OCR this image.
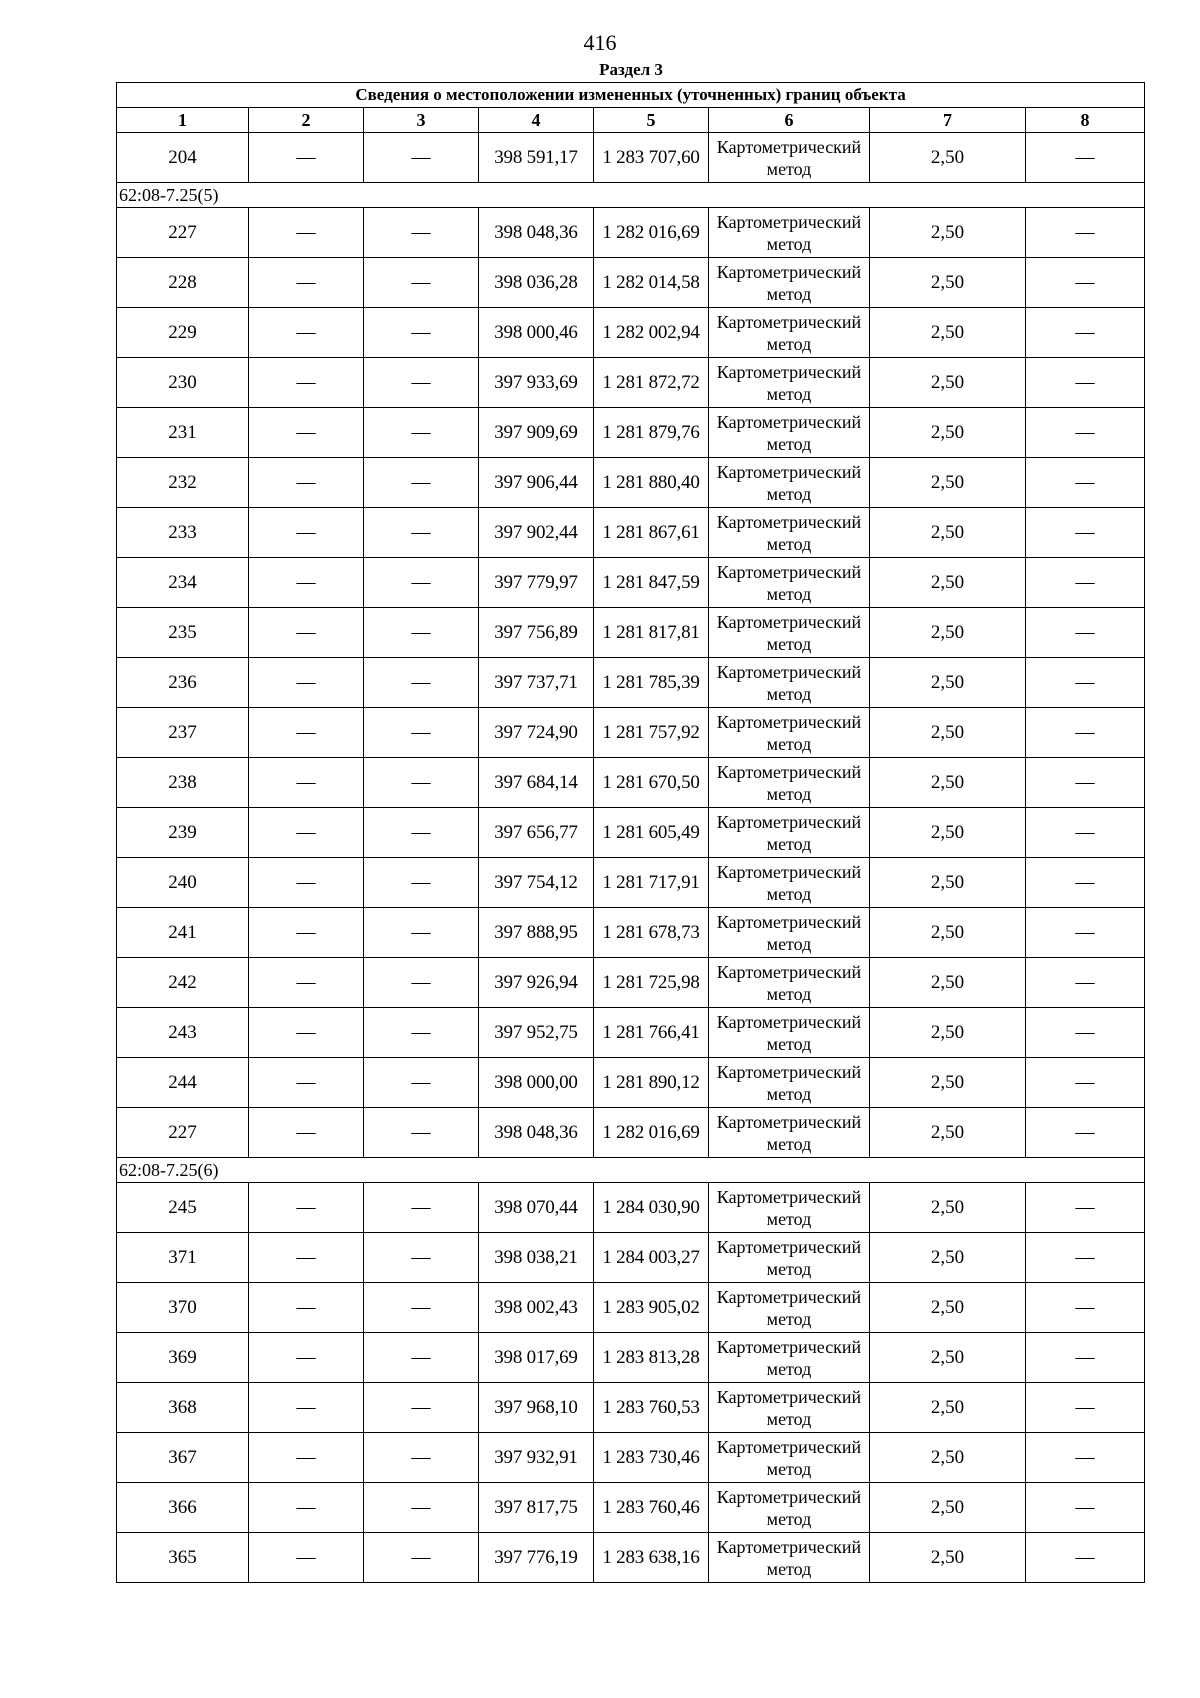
416
Раздел 3
Сведения о местоположении измененных (уточненных) границ объекта							
1	2	3	4	5	6	7	8
204	—	—	398 591,17	1 283 707,60	Картометрический метод	2,50	—
62:08-7.25(5)							
227	—	—	398 048,36	1 282 016,69	Картометрический метод	2,50	—
228	—	—	398 036,28	1 282 014,58	Картометрический метод	2,50	—
229	—	—	398 000,46	1 282 002,94	Картометрический метод	2,50	—
230	—	—	397 933,69	1 281 872,72	Картометрический метод	2,50	—
231	—	—	397 909,69	1 281 879,76	Картометрический метод	2,50	—
232	—	—	397 906,44	1 281 880,40	Картометрический метод	2,50	—
233	—	—	397 902,44	1 281 867,61	Картометрический метод	2,50	—
234	—	—	397 779,97	1 281 847,59	Картометрический метод	2,50	—
235	—	—	397 756,89	1 281 817,81	Картометрический метод	2,50	—
236	—	—	397 737,71	1 281 785,39	Картометрический метод	2,50	—
237	—	—	397 724,90	1 281 757,92	Картометрический метод	2,50	—
238	—	—	397 684,14	1 281 670,50	Картометрический метод	2,50	—
239	—	—	397 656,77	1 281 605,49	Картометрический метод	2,50	—
240	—	—	397 754,12	1 281 717,91	Картометрический метод	2,50	—
241	—	—	397 888,95	1 281 678,73	Картометрический метод	2,50	—
242	—	—	397 926,94	1 281 725,98	Картометрический метод	2,50	—
243	—	—	397 952,75	1 281 766,41	Картометрический метод	2,50	—
244	—	—	398 000,00	1 281 890,12	Картометрический метод	2,50	—
227	—	—	398 048,36	1 282 016,69	Картометрический метод	2,50	—
62:08-7.25(6)							
245	—	—	398 070,44	1 284 030,90	Картометрический метод	2,50	—
371	—	—	398 038,21	1 284 003,27	Картометрический метод	2,50	—
370	—	—	398 002,43	1 283 905,02	Картометрический метод	2,50	—
369	—	—	398 017,69	1 283 813,28	Картометрический метод	2,50	—
368	—	—	397 968,10	1 283 760,53	Картометрический метод	2,50	—
367	—	—	397 932,91	1 283 730,46	Картометрический метод	2,50	—
366	—	—	397 817,75	1 283 760,46	Картометрический метод	2,50	—
365	—	—	397 776,19	1 283 638,16	Картометрический метод	2,50	—
